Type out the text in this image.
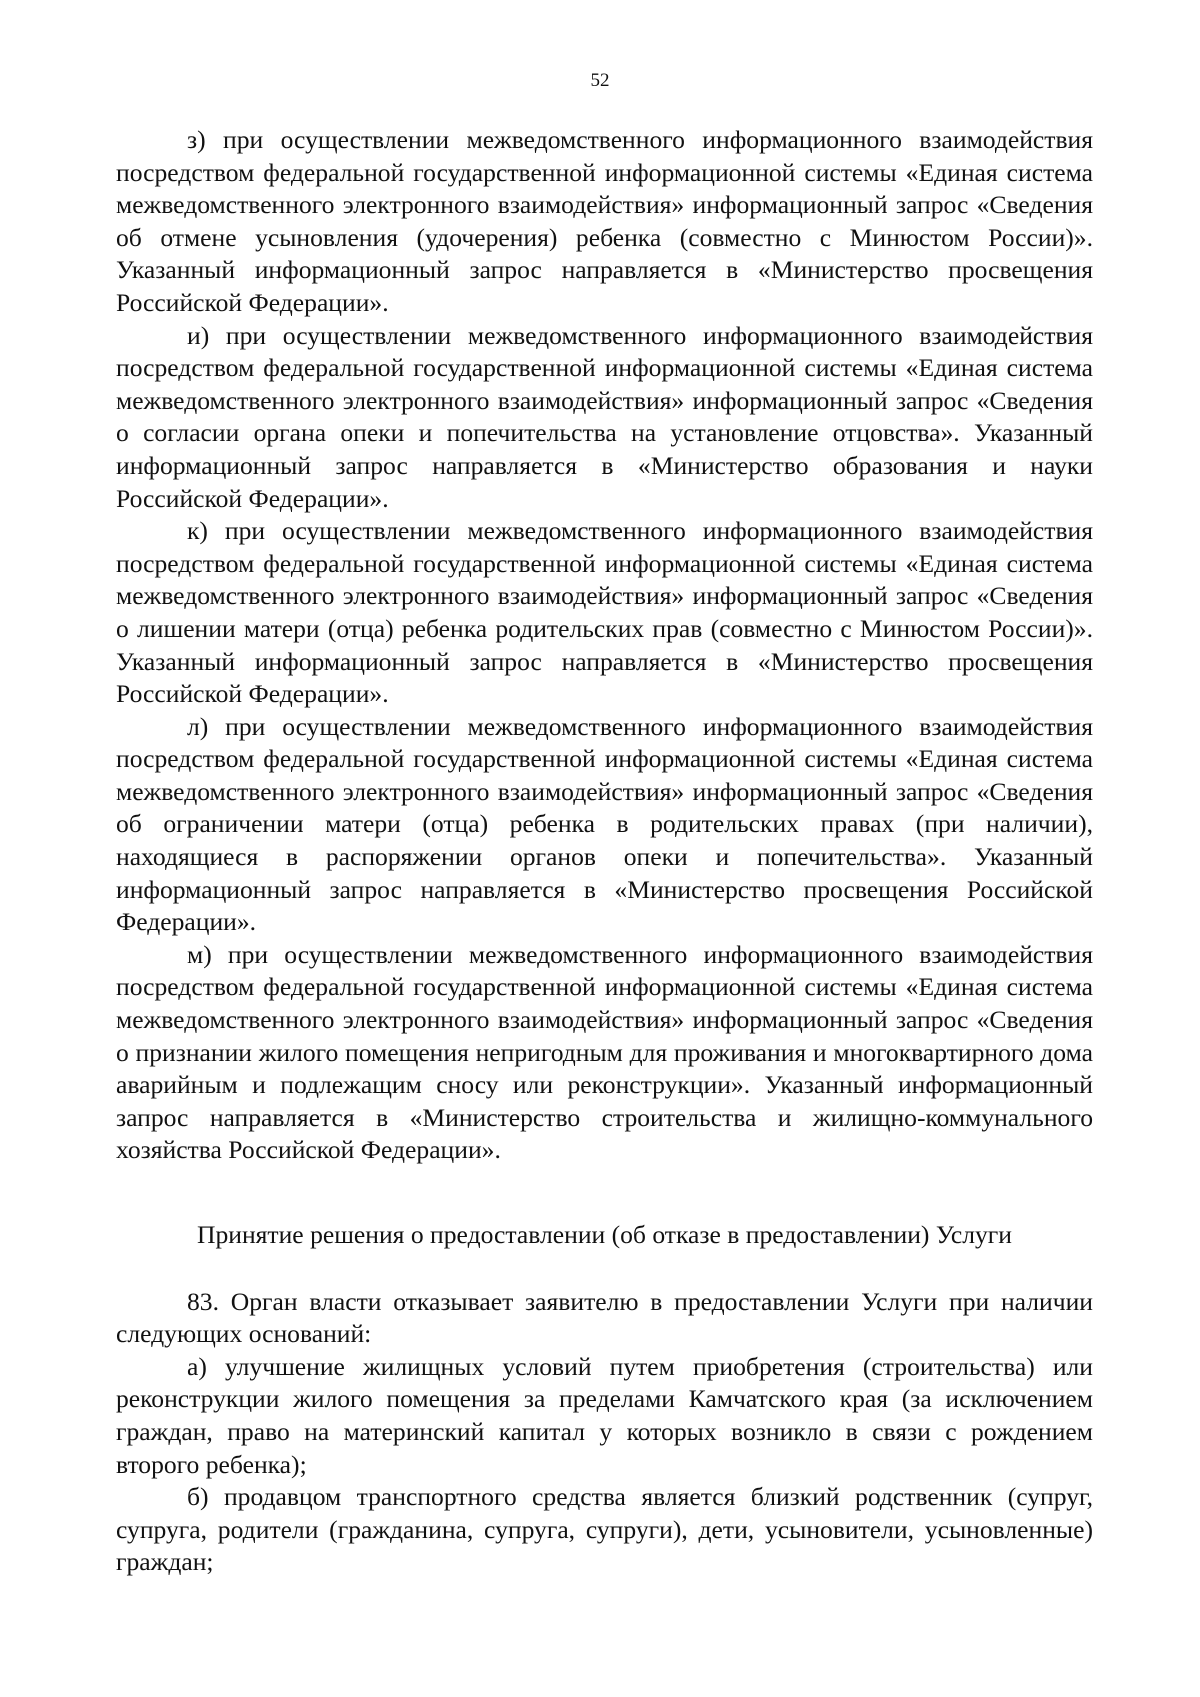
52

з) при осуществлении межведомственного информационного взаимодействия посредством федеральной государственной информационной системы «Единая система межведомственного электронного взаимодействия» информационный запрос «Сведения об отмене усыновления (удочерения) ребенка (совместно с Минюстом России)». Указанный информационный запрос направляется в «Министерство просвещения Российской Федерации».

и) при осуществлении межведомственного информационного взаимодействия посредством федеральной государственной информационной системы «Единая система межведомственного электронного взаимодействия» информационный запрос «Сведения о согласии органа опеки и попечительства на установление отцовства». Указанный информационный запрос направляется в «Министерство образования и науки Российской Федерации».

к) при осуществлении межведомственного информационного взаимодействия посредством федеральной государственной информационной системы «Единая система межведомственного электронного взаимодействия» информационный запрос «Сведения о лишении матери (отца) ребенка родительских прав (совместно с Минюстом России)». Указанный информационный запрос направляется в «Министерство просвещения Российской Федерации».

л) при осуществлении межведомственного информационного взаимодействия посредством федеральной государственной информационной системы «Единая система межведомственного электронного взаимодействия» информационный запрос «Сведения об ограничении матери (отца) ребенка в родительских правах (при наличии), находящиеся в распоряжении органов опеки и попечительства». Указанный информационный запрос направляется в «Министерство просвещения Российской Федерации».

м) при осуществлении межведомственного информационного взаимодействия посредством федеральной государственной информационной системы «Единая система межведомственного электронного взаимодействия» информационный запрос «Сведения о признании жилого помещения непригодным для проживания и многоквартирного дома аварийным и подлежащим сносу или реконструкции». Указанный информационный запрос направляется в «Министерство строительства и жилищно-коммунального хозяйства Российской Федерации».

Принятие решения о предоставлении (об отказе в предоставлении) Услуги

83. Орган власти отказывает заявителю в предоставлении Услуги при наличии следующих оснований:

а) улучшение жилищных условий путем приобретения (строительства) или реконструкции жилого помещения за пределами Камчатского края (за исключением граждан, право на материнский капитал у которых возникло в связи с рождением второго ребенка);

б) продавцом транспортного средства является близкий родственник (супруг, супруга, родители (гражданина, супруга, супруги), дети, усыновители, усыновленные) граждан;
